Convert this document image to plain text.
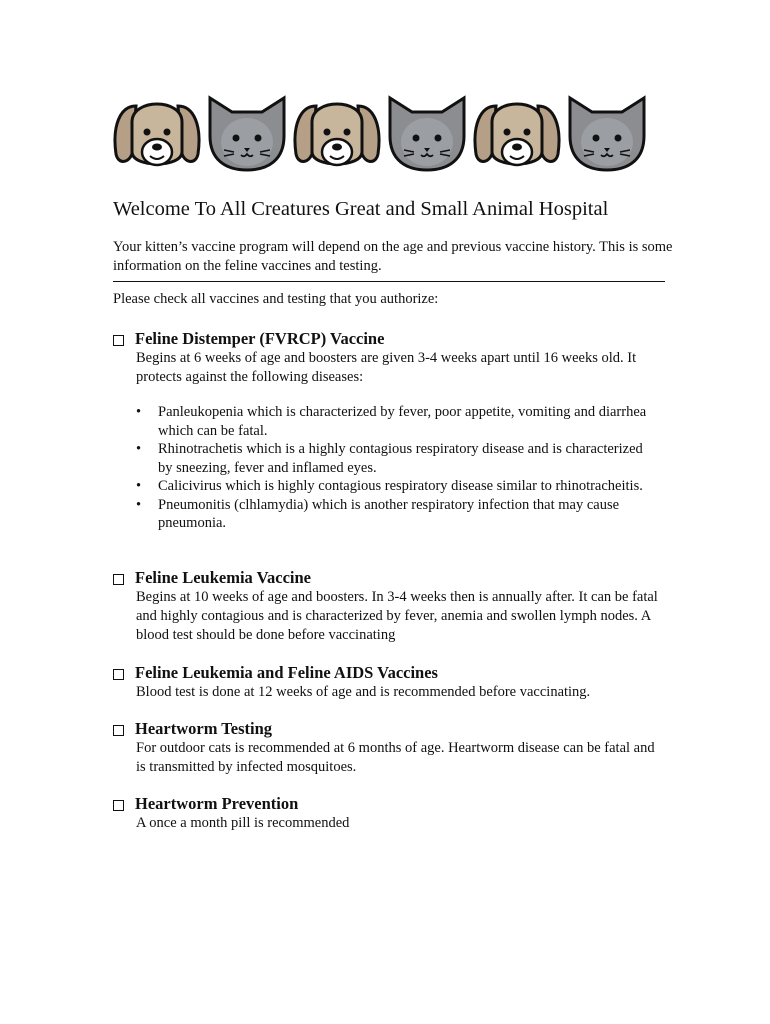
Welcome To All Creatures Great and Small Animal Hospital
Your kitten’s vaccine program will depend on the age and previous vaccine history. This is some information on the feline vaccines and testing.
Please check all vaccines and testing that you authorize:
Feline Distemper (FVRCP) Vaccine
Begins at 6 weeks of age and boosters are given 3-4 weeks apart until 16 weeks old. It protects against the following diseases:
• Panleukopenia which is characterized by fever, poor appetite, vomiting and diarrhea which can be fatal.
• Rhinotrachetis which is a highly contagious respiratory disease and is characterized by sneezing, fever and inflamed eyes.
• Calicivirus which is highly contagious respiratory disease similar to rhinotracheitis.
• Pneumonitis (clhlamydia) which is another respiratory infection that may cause pneumonia.
Feline Leukemia Vaccine
Begins at 10 weeks of age and boosters. In 3-4 weeks then is annually after. It can be fatal and highly contagious and is characterized by fever, anemia and swollen lymph nodes. A blood test should be done before vaccinating
Feline Leukemia and Feline AIDS Vaccines
Blood test is done at 12 weeks of age and is recommended before vaccinating.
Heartworm Testing
For outdoor cats is recommended at 6 months of age. Heartworm disease can be fatal and is transmitted by infected mosquitoes.
Heartworm Prevention
A once a month pill is recommended
